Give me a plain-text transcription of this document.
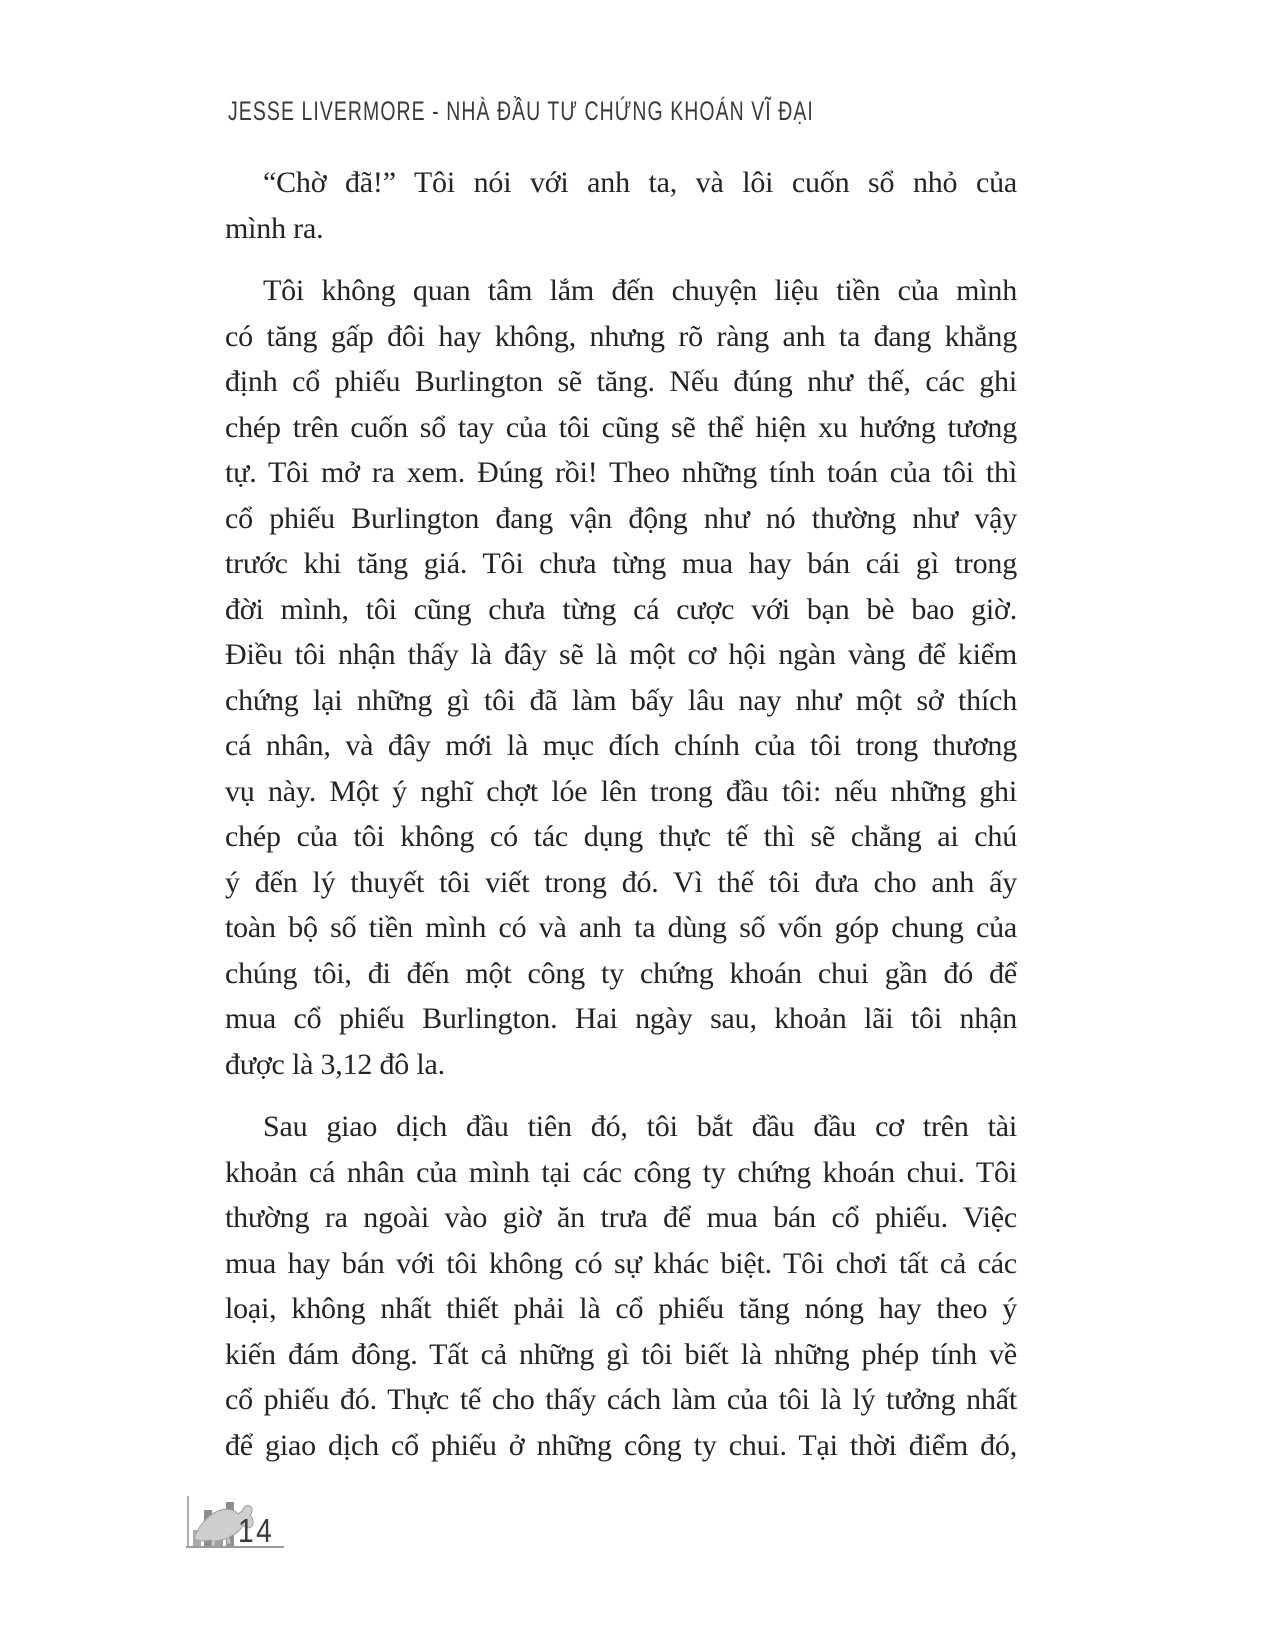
JESSE LIVERMORE - NHÀ ĐẦU TƯ CHỨNG KHOÁN VĨ ĐẠI
“Chờ đã!” Tôi nói với anh ta, và lôi cuốn sổ nhỏ của
mình ra.
Tôi không quan tâm lắm đến chuyện liệu tiền của mình
có tăng gấp đôi hay không, nhưng rõ ràng anh ta đang khẳng
định cổ phiếu Burlington sẽ tăng. Nếu đúng như thế, các ghi
chép trên cuốn sổ tay của tôi cũng sẽ thể hiện xu hướng tương
tự. Tôi mở ra xem. Đúng rồi! Theo những tính toán của tôi thì
cổ phiếu Burlington đang vận động như nó thường như vậy
trước khi tăng giá. Tôi chưa từng mua hay bán cái gì trong
đời mình, tôi cũng chưa từng cá cược với bạn bè bao giờ.
Điều tôi nhận thấy là đây sẽ là một cơ hội ngàn vàng để kiểm
chứng lại những gì tôi đã làm bấy lâu nay như một sở thích
cá nhân, và đây mới là mục đích chính của tôi trong thương
vụ này. Một ý nghĩ chợt lóe lên trong đầu tôi: nếu những ghi
chép của tôi không có tác dụng thực tế thì sẽ chẳng ai chú
ý đến lý thuyết tôi viết trong đó. Vì thế tôi đưa cho anh ấy
toàn bộ số tiền mình có và anh ta dùng số vốn góp chung của
chúng tôi, đi đến một công ty chứng khoán chui gần đó để
mua cổ phiếu Burlington. Hai ngày sau, khoản lãi tôi nhận
được là 3,12 đô la.
Sau giao dịch đầu tiên đó, tôi bắt đầu đầu cơ trên tài
khoản cá nhân của mình tại các công ty chứng khoán chui. Tôi
thường ra ngoài vào giờ ăn trưa để mua bán cổ phiếu. Việc
mua hay bán với tôi không có sự khác biệt. Tôi chơi tất cả các
loại, không nhất thiết phải là cổ phiếu tăng nóng hay theo ý
kiến đám đông. Tất cả những gì tôi biết là những phép tính về
cổ phiếu đó. Thực tế cho thấy cách làm của tôi là lý tưởng nhất
để giao dịch cổ phiếu ở những công ty chui. Tại thời điểm đó,
14
